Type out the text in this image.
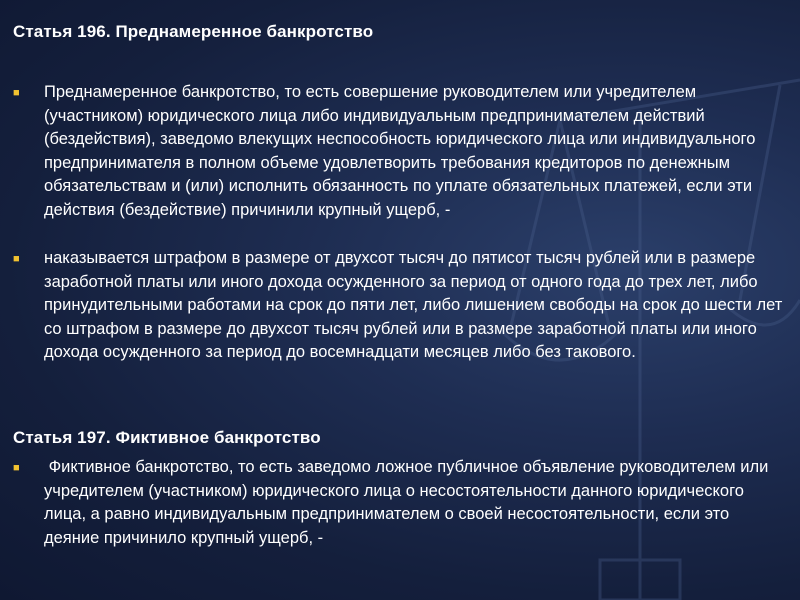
Статья 196. Преднамеренное банкротство
■ Преднамеренное банкротство, то есть совершение руководителем или учредителем (участником) юридического лица либо индивидуальным предпринимателем действий (бездействия), заведомо влекущих неспособность юридического лица или индивидуального предпринимателя в полном объеме удовлетворить требования кредиторов по денежным обязательствам и (или) исполнить обязанность по уплате обязательных платежей, если эти действия (бездействие) причинили крупный ущерб, -

■ наказывается штрафом в размере от двухсот тысяч до пятисот тысяч рублей или в размере заработной платы или иного дохода осужденного за период от одного года до трех лет, либо принудительными работами на срок до пяти лет, либо лишением свободы на срок до шести лет со штрафом в размере до двухсот тысяч рублей или в размере заработной платы или иного дохода осужденного за период до восемнадцати месяцев либо без такового.

Статья 197. Фиктивное банкротство
■ Фиктивное банкротство, то есть заведомо ложное публичное объявление руководителем или учредителем (участником) юридического лица о несостоятельности данного юридического лица, а равно индивидуальным предпринимателем о своей несостоятельности, если это деяние причинило крупный ущерб, -
